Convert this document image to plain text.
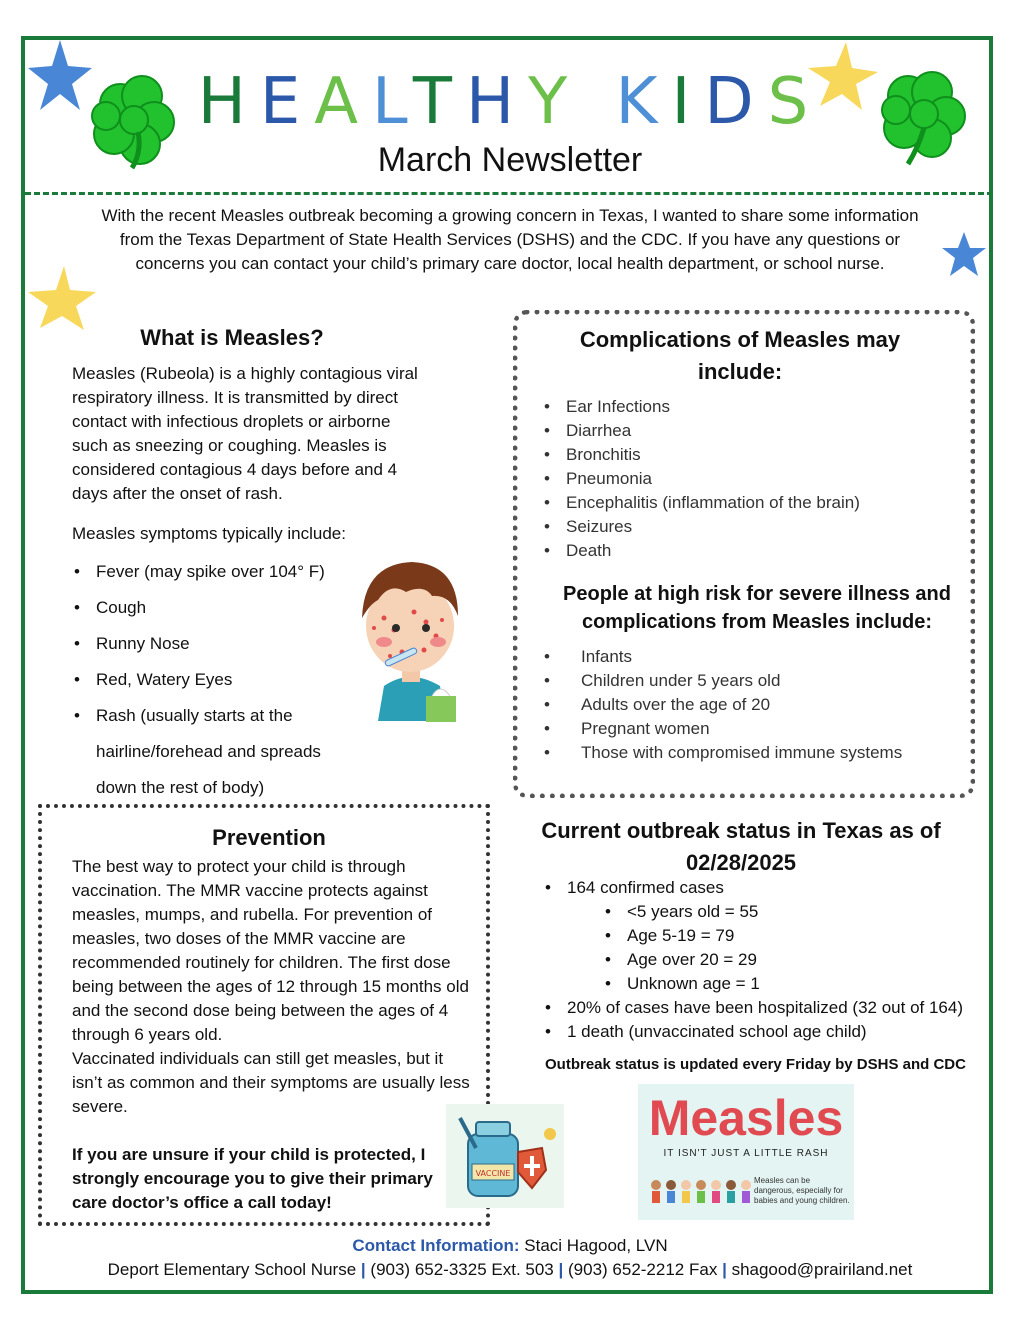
HEALTHY KIDS
March Newsletter
With the recent Measles outbreak becoming a growing concern in Texas, I wanted to share some information from the Texas Department of State Health Services (DSHS) and the CDC. If you have any questions or concerns you can contact your child’s primary care doctor, local health department, or school nurse.
What is Measles?

Measles (Rubeola) is a highly contagious viral respiratory illness. It is transmitted by direct contact with infectious droplets or airborne such as sneezing or coughing. Measles is considered contagious 4 days before and 4 days after the onset of rash.

Measles symptoms typically include:

• Fever (may spike over 104° F)
• Cough
• Runny Nose
• Red, Watery Eyes
• Rash (usually starts at the hairline/forehead and spreads down the rest of body)
Complications of Measles may include:
• Ear Infections
• Diarrhea
• Bronchitis
• Pneumonia
• Encephalitis (inflammation of the brain)
• Seizures
• Death
People at high risk for severe illness and complications from Measles include:
• Infants
• Children under 5 years old
• Adults over the age of 20
• Pregnant women
• Those with compromised immune systems
Prevention

The best way to protect your child is through vaccination. The MMR vaccine protects against measles, mumps, and rubella. For prevention of measles, two doses of the MMR vaccine are recommended routinely for children. The first dose being between the ages of 12 through 15 months old and the second dose being between the ages of 4 through 6 years old.

Vaccinated individuals can still get measles, but it isn’t as common and their symptoms are usually less severe.

If you are unsure if your child is protected, I strongly encourage you to give their primary care doctor’s office a call today!

VACCINE
Current outbreak status in Texas as of 02/28/2025
• 164 confirmed cases
• <5 years old = 55
• Age 5-19 = 79
• Age over 20 = 29
• Unknown age = 1
• 20% of cases have been hospitalized (32 out of 164)
• 1 death (unvaccinated school age child)
Outbreak status is updated every Friday by DSHS and CDC
Measles
IT ISN'T JUST A LITTLE RASH
Measles can be dangerous, especially for babies and young children.
Contact Information: Staci Hagood, LVN
Deport Elementary School Nurse | (903) 652-3325 Ext. 503 | (903) 652-2212 Fax | shagood@prairiland.net
